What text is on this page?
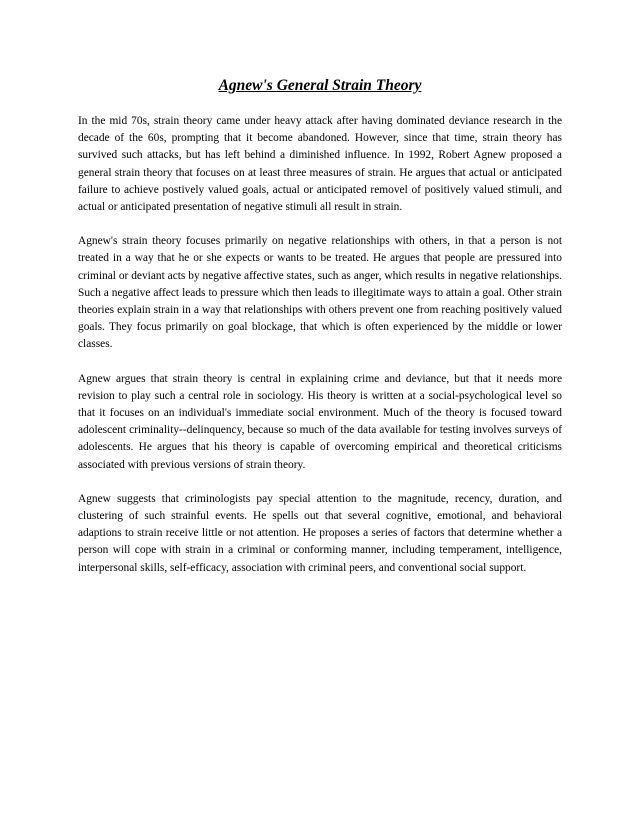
Agnew's General Strain Theory

In the mid 70s, strain theory came under heavy attack after having dominated deviance research in the decade of the 60s, prompting that it become abandoned. However, since that time, strain theory has survived such attacks, but has left behind a diminished influence. In 1992, Robert Agnew proposed a general strain theory that focuses on at least three measures of strain. He argues that actual or anticipated failure to achieve postively valued goals, actual or anticipated removel of positively valued stimuli, and actual or anticipated presentation of negative stimuli all result in strain.

Agnew's strain theory focuses primarily on negative relationships with others, in that a person is not treated in a way that he or she expects or wants to be treated. He argues that people are pressured into criminal or deviant acts by negative affective states, such as anger, which results in negative relationships. Such a negative affect leads to pressure which then leads to illegitimate ways to attain a goal. Other strain theories explain strain in a way that relationships with others prevent one from reaching positively valued goals. They focus primarily on goal blockage, that which is often experienced by the middle or lower classes.

Agnew argues that strain theory is central in explaining crime and deviance, but that it needs more revision to play such a central role in sociology. His theory is written at a social-psychological level so that it focuses on an individual's immediate social environment. Much of the theory is focused toward adolescent criminality--delinquency, because so much of the data available for testing involves surveys of adolescents. He argues that his theory is capable of overcoming empirical and theoretical criticisms associated with previous versions of strain theory.

Agnew suggests that criminologists pay special attention to the magnitude, recency, duration, and clustering of such strainful events. He spells out that several cognitive, emotional, and behavioral adaptions to strain receive little or not attention. He proposes a series of factors that determine whether a person will cope with strain in a criminal or conforming manner, including temperament, intelligence, interpersonal skills, self-efficacy, association with criminal peers, and conventional social support.
